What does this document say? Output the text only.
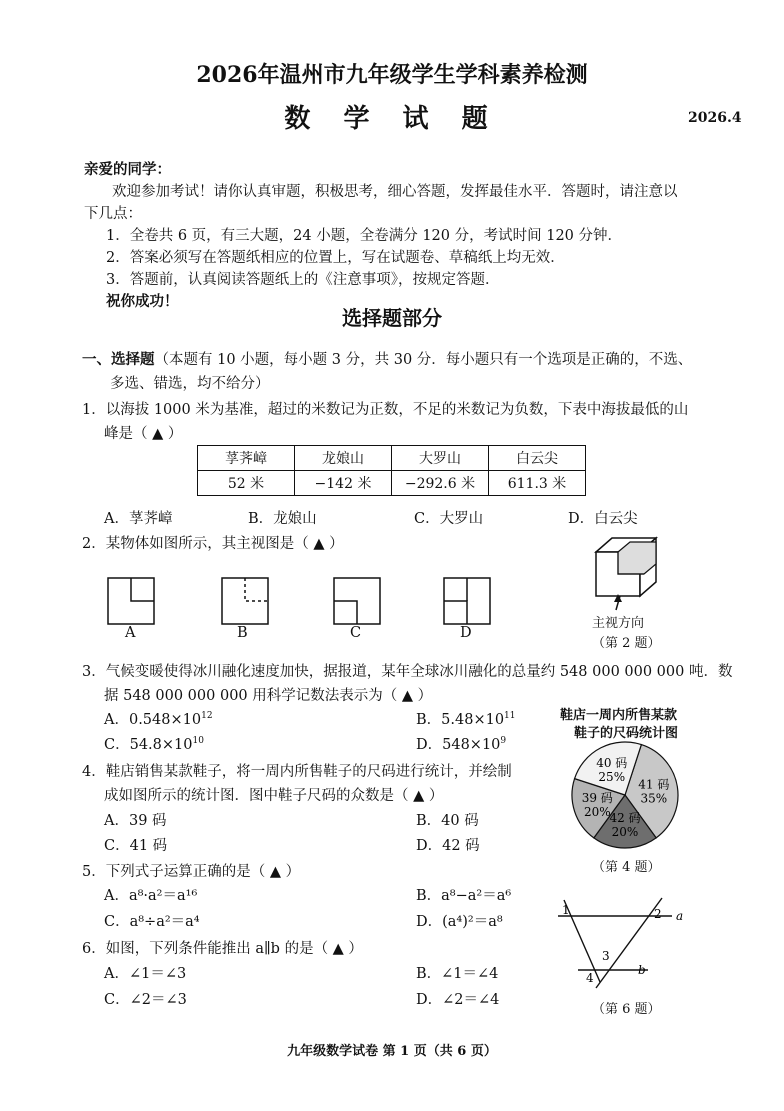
2026年温州市九年级学生学科素养检测
数 学 试 题	2026.4
亲爱的同学：
欢迎参加考试！请你认真审题，积极思考，细心答题，发挥最佳水平．答题时，请注意以
下几点：
1．全卷共 6 页，有三大题，24 小题，全卷满分 120 分，考试时间 120 分钟．
2．答案必须写在答题纸相应的位置上，写在试题卷、草稿纸上均无效．
3．答题前，认真阅读答题纸上的《注意事项》，按规定答题．
祝你成功！
选择题部分
一、选择题（本题有 10 小题，每小题 3 分，共 30 分．每小题只有一个选项是正确的，不选、
多选、错选，均不给分）
1．以海拔 1000 米为基准，超过的米数记为正数，不足的米数记为负数，下表中海拔最低的山
峰是（ ▲ ）
莩荠嶂	龙娘山	大罗山	白云尖
52 米	−142 米	−292.6 米	611.3 米
A．莩荠嶂	B．龙娘山	C．大罗山	D．白云尖
2．某物体如图所示，其主视图是（ ▲ ）
A	B	C	D
主视方向
（第 2 题）
3．气候变暖使得冰川融化速度加快，据报道，某年全球冰川融化的总量约 548 000 000 000 吨．数
据 548 000 000 000 用科学记数法表示为（ ▲ ）
A．$0.548\times 10^{12}$	B．$5.48\times 10^{11}$
C．$54.8\times 10^{10}$	D．$548\times 10^9$
鞋店一周内所售某款
鞋子的尺码统计图
41 码
35%
42 码
20%
39 码
20%
40 码
25%
（第 4 题）
4．鞋店销售某款鞋子，将一周内所售鞋子的尺码进行统计，并绘制
成如图所示的统计图．图中鞋子尺码的众数是（ ▲ ）
A．39 码	B．40 码
C．41 码	D．42 码
5．下列式子运算正确的是（ ▲ ）
A．a⁸·a²＝a¹⁶	B．a⁸−a²＝a⁶
C．a⁸÷a²＝a⁴	D．(a⁴)²＝a⁸
6．如图，下列条件能推出 a∥b 的是（ ▲ ）
A．∠1＝∠3	B．∠1＝∠4
C．∠2＝∠3	D．∠2＝∠4
1	2
3
4
a
b
（第 6 题）
九年级数学试卷 第 1 页（共 6 页）
